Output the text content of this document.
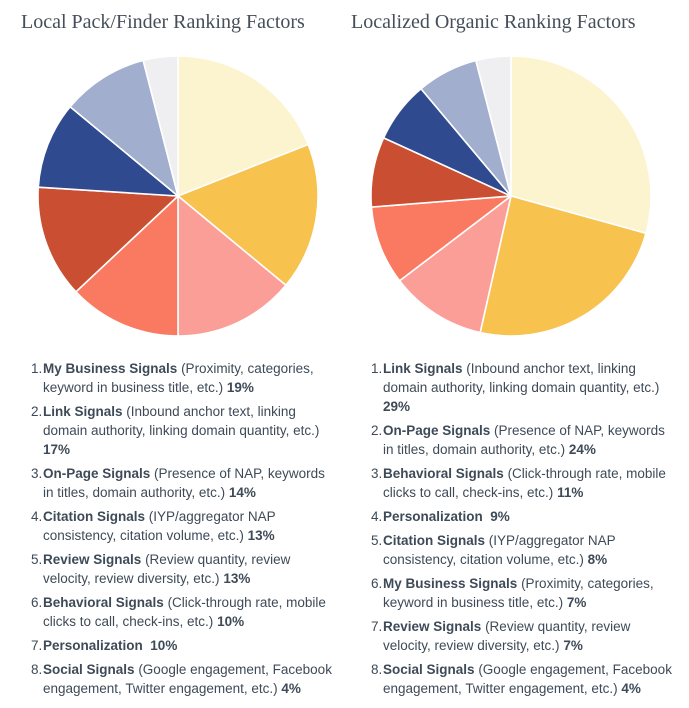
Local Pack/Finder Ranking Factors
1. My Business Signals (Proximity, categories, keyword in business title, etc.) 19%
2. Link Signals (Inbound anchor text, linking domain authority, linking domain quantity, etc.) 17%
3. On-Page Signals (Presence of NAP, keywords in titles, domain authority, etc.) 14%
4. Citation Signals (IYP/aggregator NAP consistency, citation volume, etc.) 13%
5. Review Signals (Review quantity, review velocity, review diversity, etc.) 13%
6. Behavioral Signals (Click-through rate, mobile clicks to call, check-ins, etc.) 10%
7. Personalization 10%
8. Social Signals (Google engagement, Facebook engagement, Twitter engagement, etc.) 4%
Localized Organic Ranking Factors
1. Link Signals (Inbound anchor text, linking domain authority, linking domain quantity, etc.) 29%
2. On-Page Signals (Presence of NAP, keywords in titles, domain authority, etc.) 24%
3. Behavioral Signals (Click-through rate, mobile clicks to call, check-ins, etc.) 11%
4. Personalization 9%
5. Citation Signals (IYP/aggregator NAP consistency, citation volume, etc.) 8%
6. My Business Signals (Proximity, categories, keyword in business title, etc.) 7%
7. Review Signals (Review quantity, review velocity, review diversity, etc.) 7%
8. Social Signals (Google engagement, Facebook engagement, Twitter engagement, etc.) 4%
